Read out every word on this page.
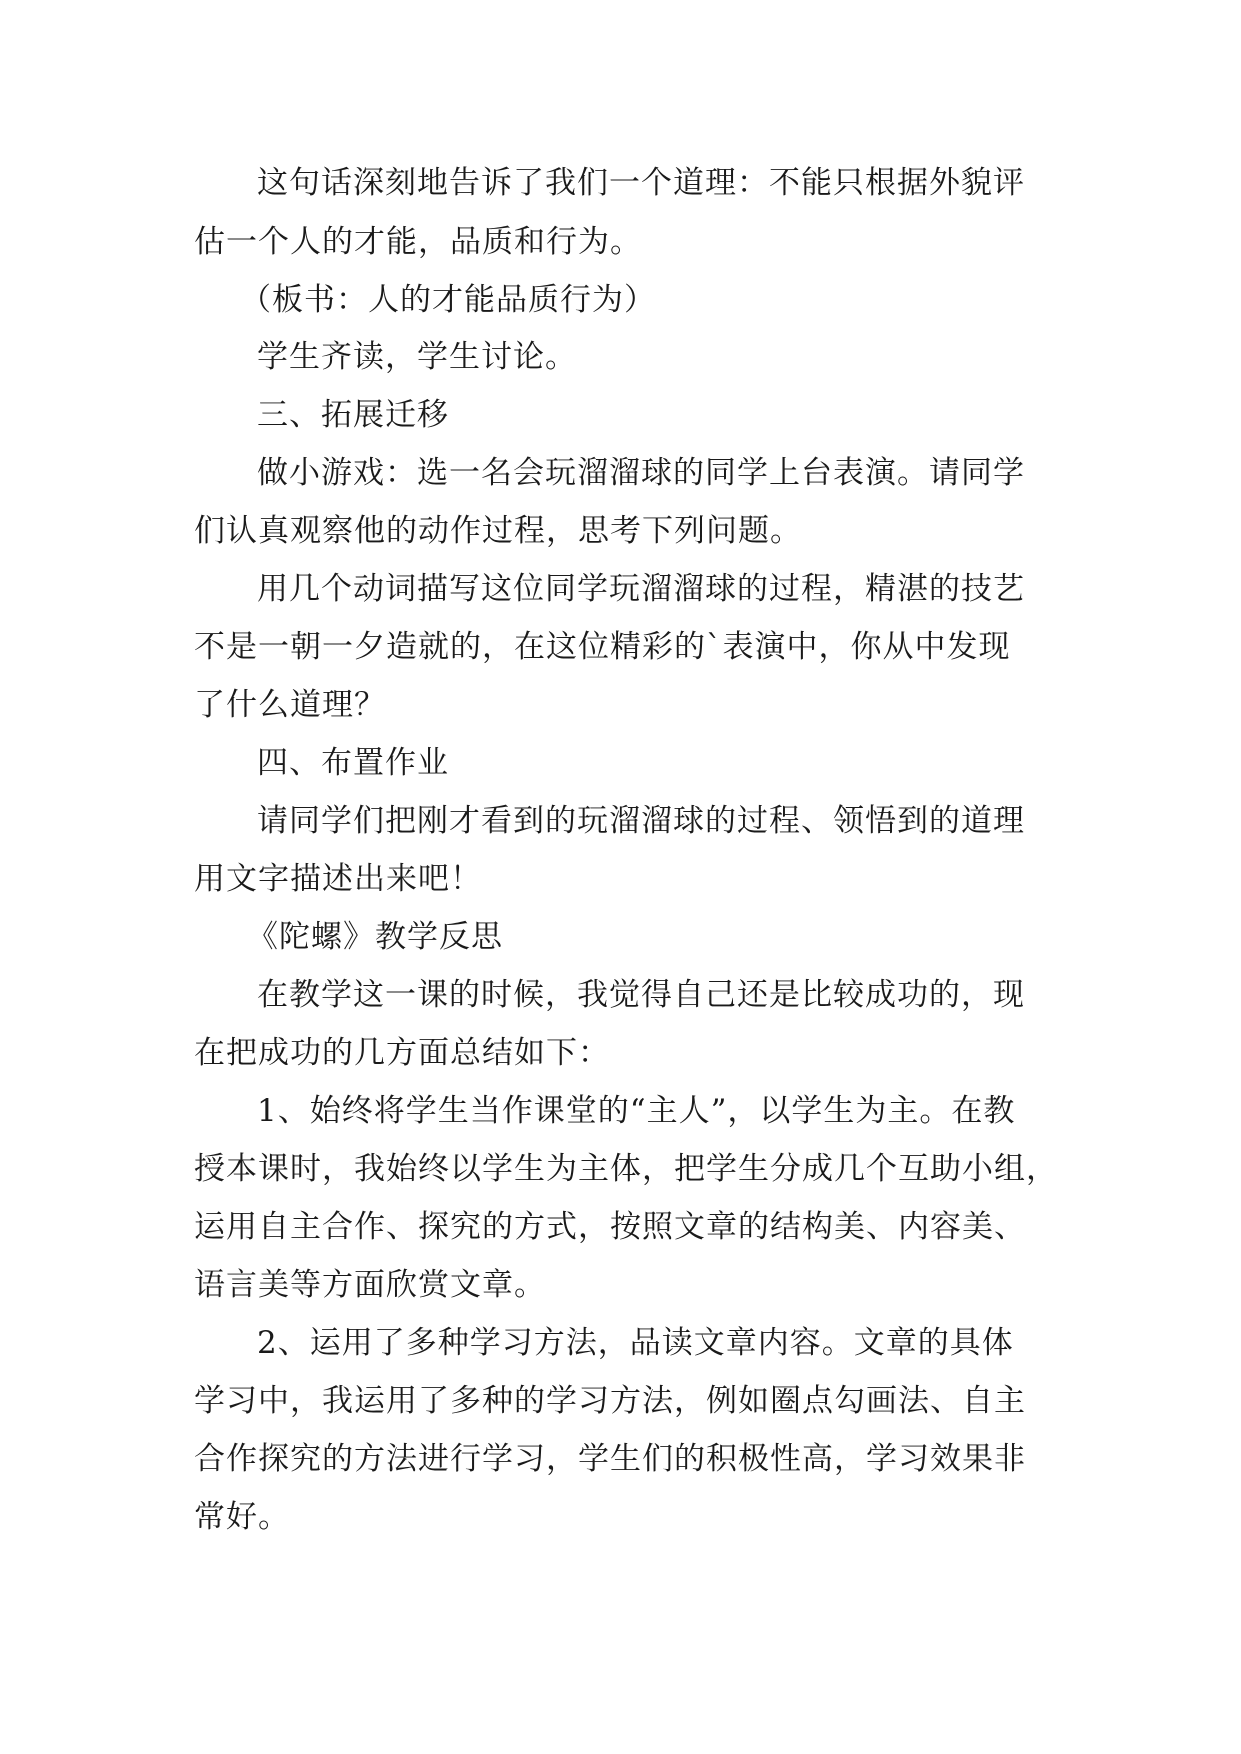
这句话深刻地告诉了我们一个道理：不能只根据外貌评
估一个人的才能，品质和行为。
（板书：人的才能品质行为）
学生齐读，学生讨论。
三、拓展迁移
做小游戏：选一名会玩溜溜球的同学上台表演。请同学
们认真观察他的动作过程，思考下列问题。
用几个动词描写这位同学玩溜溜球的过程，精湛的技艺
不是一朝一夕造就的，在这位精彩的`表演中，你从中发现
了什么道理？
四、布置作业
请同学们把刚才看到的玩溜溜球的过程、领悟到的道理
用文字描述出来吧！
《陀螺》教学反思
在教学这一课的时候，我觉得自己还是比较成功的，现
在把成功的几方面总结如下：
1、始终将学生当作课堂的“主人”，以学生为主。在教
授本课时，我始终以学生为主体，把学生分成几个互助小组，
运用自主合作、探究的方式，按照文章的结构美、内容美、
语言美等方面欣赏文章。
2、运用了多种学习方法，品读文章内容。文章的具体
学习中，我运用了多种的学习方法，例如圈点勾画法、自主
合作探究的方法进行学习，学生们的积极性高，学习效果非
常好。
